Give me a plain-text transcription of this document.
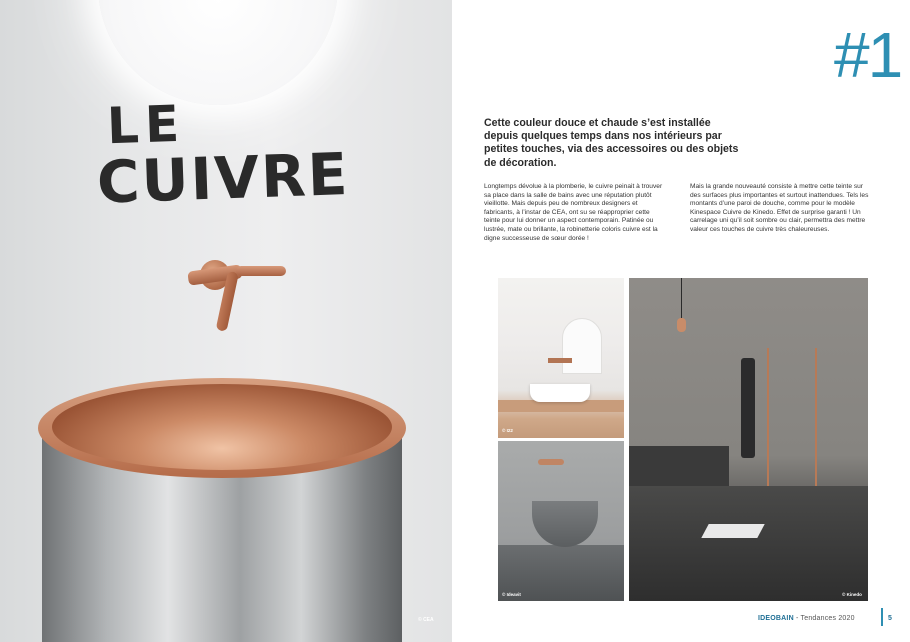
LE
CUIVRE
© CEA
#1

Cette couleur douce et chaude s’est installée depuis quelques temps dans nos intérieurs par petites touches, via des accessoires ou des objets de décoration.

Longtemps dévolue à la plomberie, le cuivre peinait à trouver sa place dans la salle de bains avec une réputation plutôt vieillotte. Mais depuis peu de nombreux designers et fabricants, à l’instar de CEA, ont su se réapproprier cette teinte pour lui donner un aspect contemporain. Patinée ou lustrée, mate ou brillante, la robinetterie coloris cuivre est la digne successeuse de sœur dorée !

Mais la grande nouveauté consiste à mettre cette teinte sur des surfaces plus importantes et surtout inattendues. Tels les montants d’une paroi de douche, comme pour le modèle Kinespace Cuivre de Kinedo. Effet de surprise garanti ! Un carrelage uni qu’il soit sombre ou clair, permettra des mettre valeur ces touches de cuivre très chaleureuses.

© I22
© Ideavit	© Kinedo
IDEOBAIN - Tendances 2020	5
